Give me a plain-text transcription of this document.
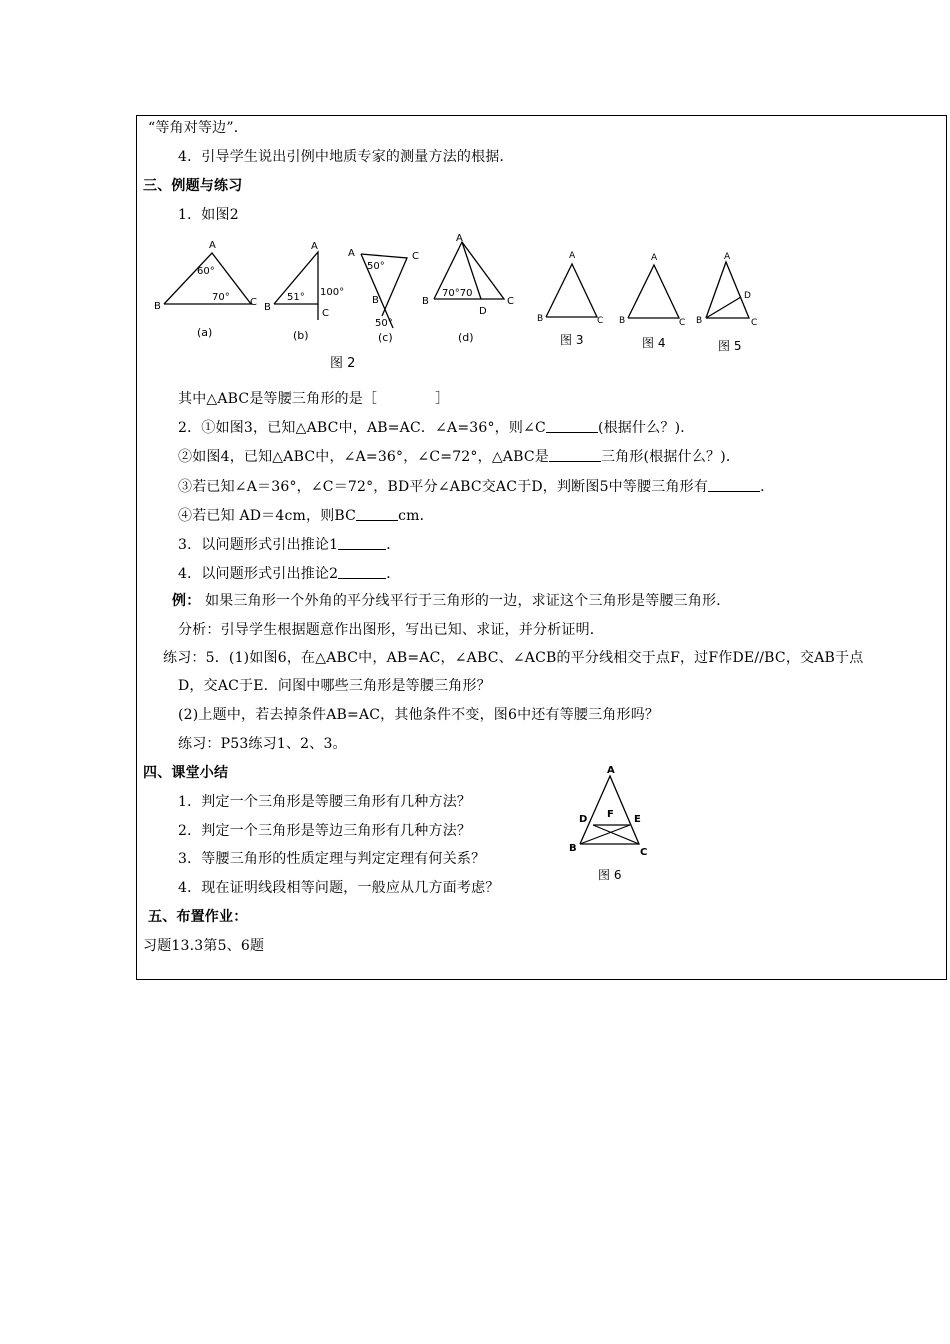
“等角对等边”．
4．引导学生说出引例中地质专家的测量方法的根据．
三、例题与练习
1．如图2
A
B	C
60°
70°
(a)
A
B
C
51° 100°
(b)
A	C
B
50°
50°
(c)
A
B	C
D
70°70
(d)
A
B	C
图 3
A
B	C
图 4
A
B	C
D
图 5
图 2
其中△ABC是等腰三角形的是［	］
2．①如图3，已知△ABC中，AB=AC．∠A=36°，则∠C	(根据什么？)．
②如图4，已知△ABC中，∠A=36°，∠C=72°，△ABC是	三角形(根据什么？)．
③若已知∠A＝36°，∠C＝72°，BD平分∠ABC交AC于D，判断图5中等腰三角形有	．
④若已知 AD＝4cm，则BC	cm．
3．以问题形式引出推论1	．
4．以问题形式引出推论2	．
例： 如果三角形一个外角的平分线平行于三角形的一边，求证这个三角形是等腰三角形．
分析：引导学生根据题意作出图形，写出已知、求证，并分析证明．
练习：5．(1)如图6，在△ABC中，AB=AC，∠ABC、∠ACB的平分线相交于点F，过F作DE//BC，交AB于点
D，交AC于E．问图中哪些三角形是等腰三角形？
(2)上题中，若去掉条件AB=AC，其他条件不变，图6中还有等腰三角形吗？
练习：P53练习1、2、3。
四、课堂小结
1．判定一个三角形是等腰三角形有几种方法？
2．判定一个三角形是等边三角形有几种方法？
3．等腰三角形的性质定理与判定定理有何关系？
4．现在证明线段相等问题，一般应从几方面考虑？
五、布置作业：
习题13.3第5、6题
A
B	C
D	E
F
图 6
